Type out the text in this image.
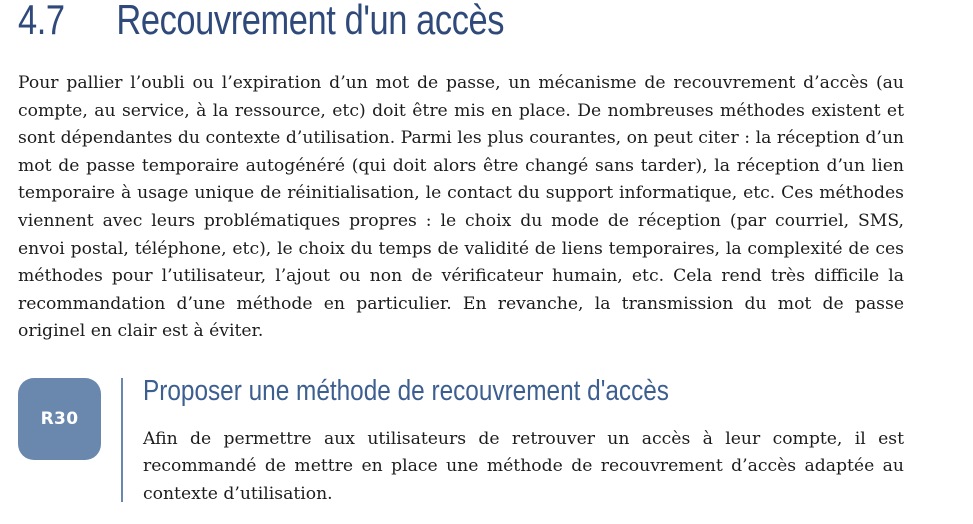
4.7 Recouvrement d'un accès

Pour pallier l’oubli ou l’expiration d’un mot de passe, un mécanisme de recouvrement d’accès (au compte, au service, à la ressource, etc) doit être mis en place. De nombreuses méthodes existent et sont dépendantes du contexte d’utilisation. Parmi les plus courantes, on peut citer : la réception d’un mot de passe temporaire autogénéré (qui doit alors être changé sans tarder), la réception d’un lien temporaire à usage unique de réinitialisation, le contact du support informatique, etc. Ces méthodes viennent avec leurs problématiques propres : le choix du mode de réception (par courriel, SMS, envoi postal, téléphone, etc), le choix du temps de validité de liens temporaires, la complexité de ces méthodes pour l’utilisateur, l’ajout ou non de vérificateur humain, etc. Cela rend très difficile la recommandation d’une méthode en particulier. En revanche, la transmission du mot de passe originel en clair est à éviter.

R30
Proposer une méthode de recouvrement d'accès

Afin de permettre aux utilisateurs de retrouver un accès à leur compte, il est recommandé de mettre en place une méthode de recouvrement d’accès adaptée au contexte d’utilisation.
